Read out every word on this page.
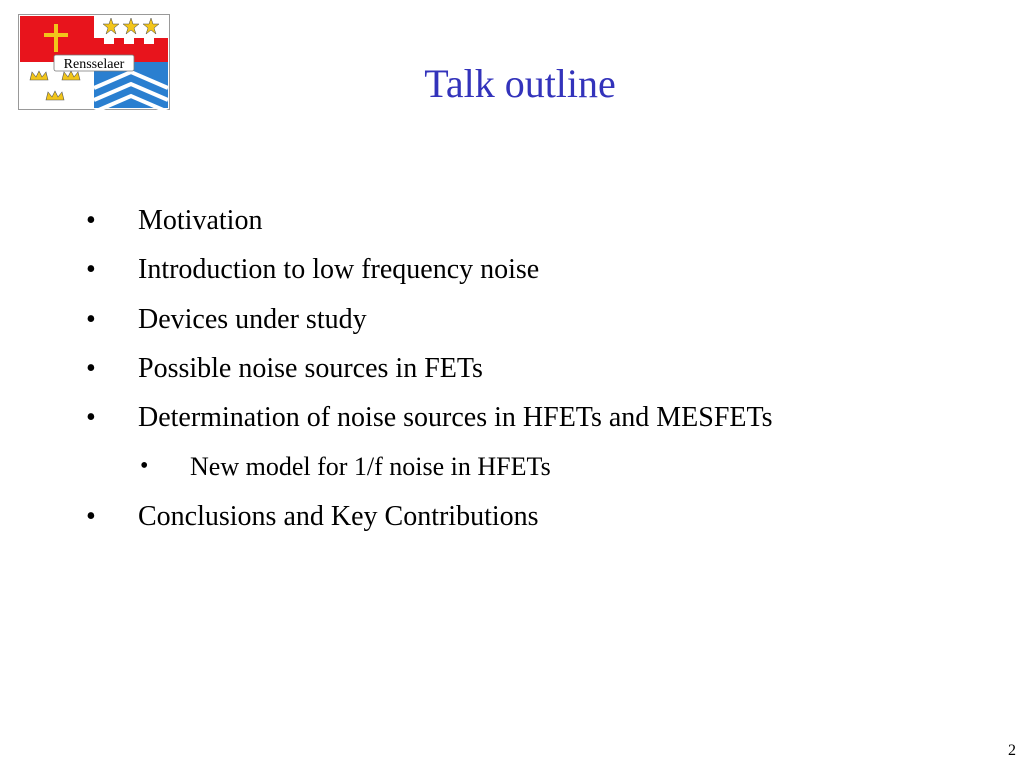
Rensselaer	Talk outline
• Motivation
• Introduction to low frequency noise
• Devices under study
• Possible noise sources in FETs
• Determination of noise sources in HFETs and MESFETs
• New model for 1/f noise in HFETs
• Conclusions and Key Contributions
2
